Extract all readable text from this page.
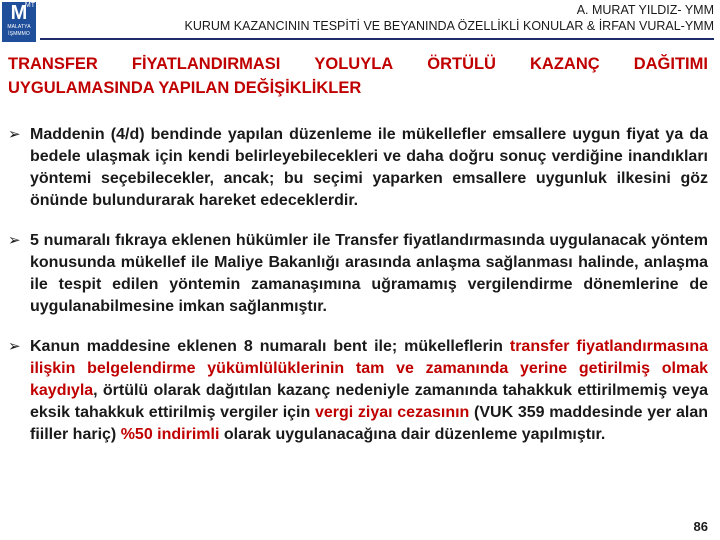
MT
M
MALATYA
İŞMMMO
A. MURAT YILDIZ- YMM
KURUM KAZANCININ TESPİTİ VE BEYANINDA ÖZELLİKLİ KONULAR & İRFAN VURAL-YMM
TRANSFER FİYATLANDIRMASI YOLUYLA ÖRTÜLÜ KAZANÇ DAĞITIMI
UYGULAMASINDA YAPILAN DEĞİŞİKLİKLER
➢ Maddenin (4/d) bendinde yapılan düzenleme ile mükellefler emsallere uygun fiyat ya da bedele ulaşmak için kendi belirleyebilecekleri ve daha doğru sonuç verdiğine inandıkları yöntemi seçebilecekler, ancak; bu seçimi yaparken emsallere uygunluk ilkesini göz önünde bulundurarak hareket edeceklerdir.
➢ 5 numaralı fıkraya eklenen hükümler ile Transfer fiyatlandırmasında uygulanacak yöntem konusunda mükellef ile Maliye Bakanlığı arasında anlaşma sağlanması halinde, anlaşma ile tespit edilen yöntemin zamanaşımına uğramamış vergilendirme dönemlerine de uygulanabilmesine imkan sağlanmıştır.
➢ Kanun maddesine eklenen 8 numaralı bent ile; mükelleflerin transfer fiyatlandırmasına ilişkin belgelendirme yükümlülüklerinin tam ve zamanında yerine getirilmiş olmak kaydıyla, örtülü olarak dağıtılan kazanç nedeniyle zamanında tahakkuk ettirilmemiş veya eksik tahakkuk ettirilmiş vergiler için vergi ziyaı cezasının (VUK 359 maddesinde yer alan fiiller hariç) %50 indirimli olarak uygulanacağına dair düzenleme yapılmıştır.
86
